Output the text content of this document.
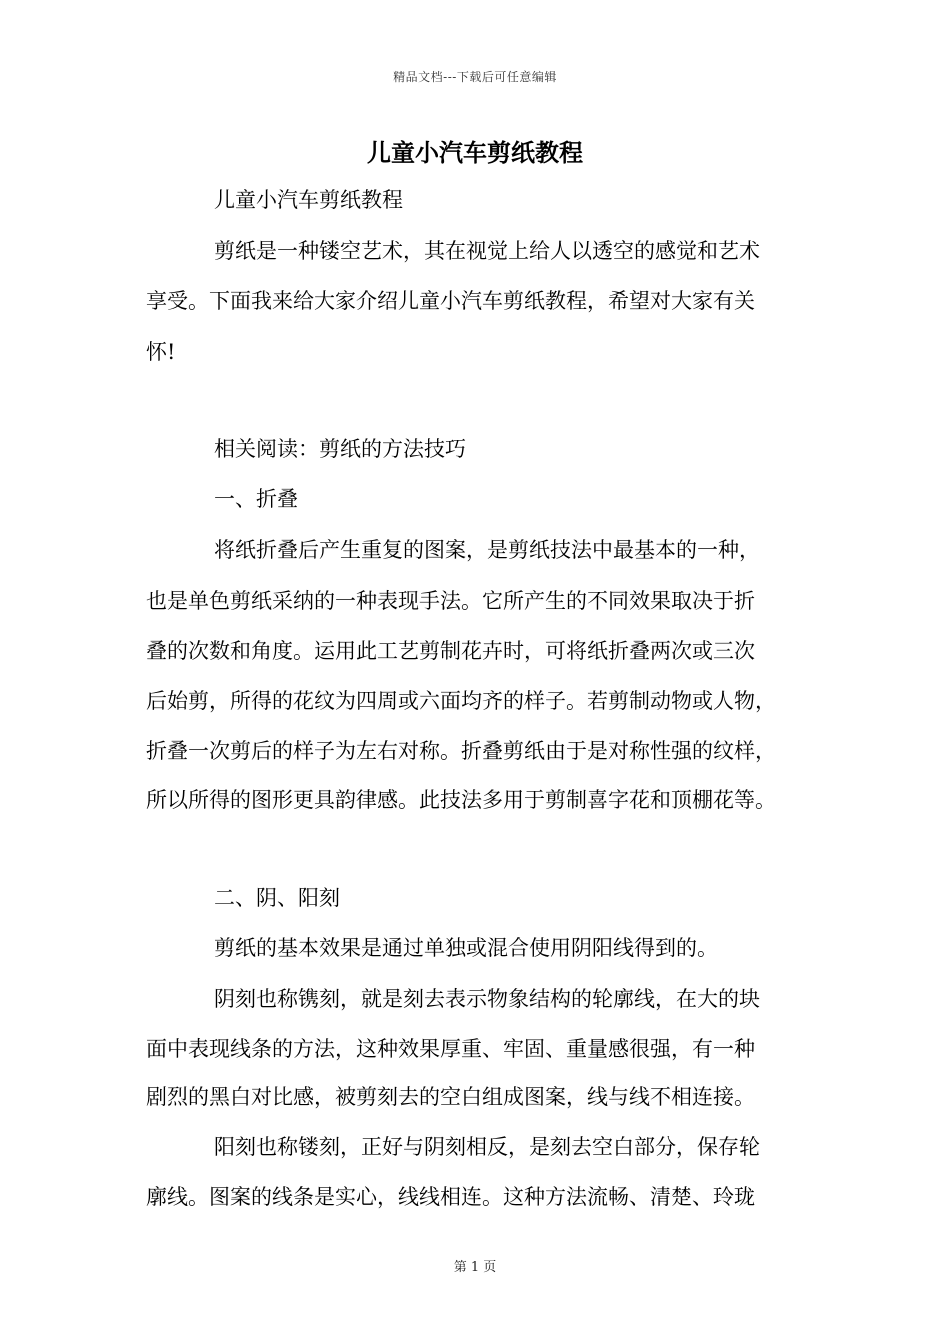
精品文档---下载后可任意编辑
儿童小汽车剪纸教程
儿童小汽车剪纸教程
剪纸是一种镂空艺术，其在视觉上给人以透空的感觉和艺术
享受。下面我来给大家介绍儿童小汽车剪纸教程，希望对大家有关
怀!
相关阅读：剪纸的方法技巧
一、折叠
将纸折叠后产生重复的图案，是剪纸技法中最基本的一种，
也是单色剪纸采纳的一种表现手法。它所产生的不同效果取决于折
叠的次数和角度。运用此工艺剪制花卉时，可将纸折叠两次或三次
后始剪，所得的花纹为四周或六面均齐的样子。若剪制动物或人物，
折叠一次剪后的样子为左右对称。折叠剪纸由于是对称性强的纹样，
所以所得的图形更具韵律感。此技法多用于剪制喜字花和顶棚花等。
二、阴、阳刻
剪纸的基本效果是通过单独或混合使用阴阳线得到的。
阴刻也称镌刻，就是刻去表示物象结构的轮廓线，在大的块
面中表现线条的方法，这种效果厚重、牢固、重量感很强，有一种
剧烈的黑白对比感，被剪刻去的空白组成图案，线与线不相连接。
阳刻也称镂刻，正好与阴刻相反，是刻去空白部分，保存轮
廓线。图案的线条是实心，线线相连。这种方法流畅、清楚、玲珑
第 1 页
